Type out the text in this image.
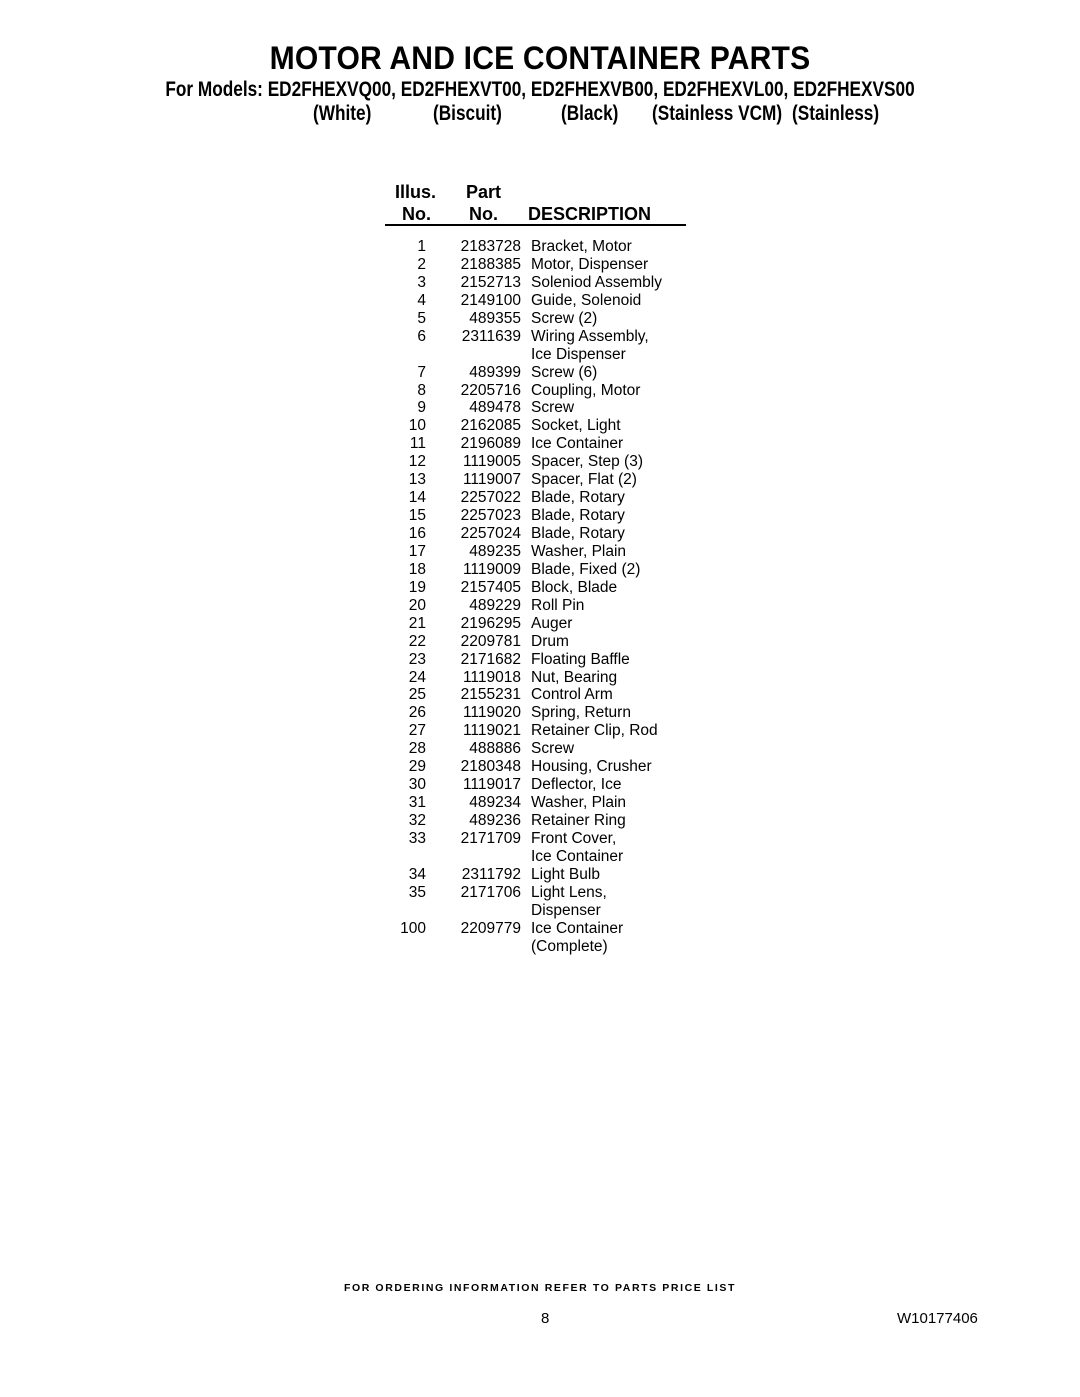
MOTOR AND ICE CONTAINER PARTS
For Models: ED2FHEXVQ00, ED2FHEXVT00, ED2FHEXVB00, ED2FHEXVL00, ED2FHEXVS00
(White)	(Biscuit)	(Black) (Stainless VCM) (Stainless)
Illus.
No.
Part
No. DESCRIPTION
1 2183728 Bracket, Motor
2 2188385 Motor, Dispenser
3 2152713 Soleniod Assembly
4 2149100 Guide, Solenoid
5	489355 Screw (2)
6 2311639 Wiring Assembly,
Ice Dispenser
7	489399 Screw (6)
8 2205716 Coupling, Motor
9	489478 Screw
10 2162085 Socket, Light
11 2196089 Ice Container
12 1119005 Spacer, Step (3)
13 1119007 Spacer, Flat (2)
14 2257022 Blade, Rotary
15 2257023 Blade, Rotary
16 2257024 Blade, Rotary
17	489235 Washer, Plain
18 1119009 Blade, Fixed (2)
19 2157405 Block, Blade
20	489229 Roll Pin
21 2196295 Auger
22 2209781 Drum
23 2171682 Floating Baffle
24 1119018 Nut, Bearing
25 2155231 Control Arm
26 1119020 Spring, Return
27 1119021 Retainer Clip, Rod
28	488886 Screw
29 2180348 Housing, Crusher
30 1119017 Deflector, Ice
31	489234 Washer, Plain
32	489236 Retainer Ring
33 2171709 Front Cover,
Ice Container
34 2311792 Light Bulb
35 2171706 Light Lens,
Dispenser
100 2209779 Ice Container
(Complete)
FOR ORDERING INFORMATION REFER TO PARTS PRICE LIST
8	W10177406
